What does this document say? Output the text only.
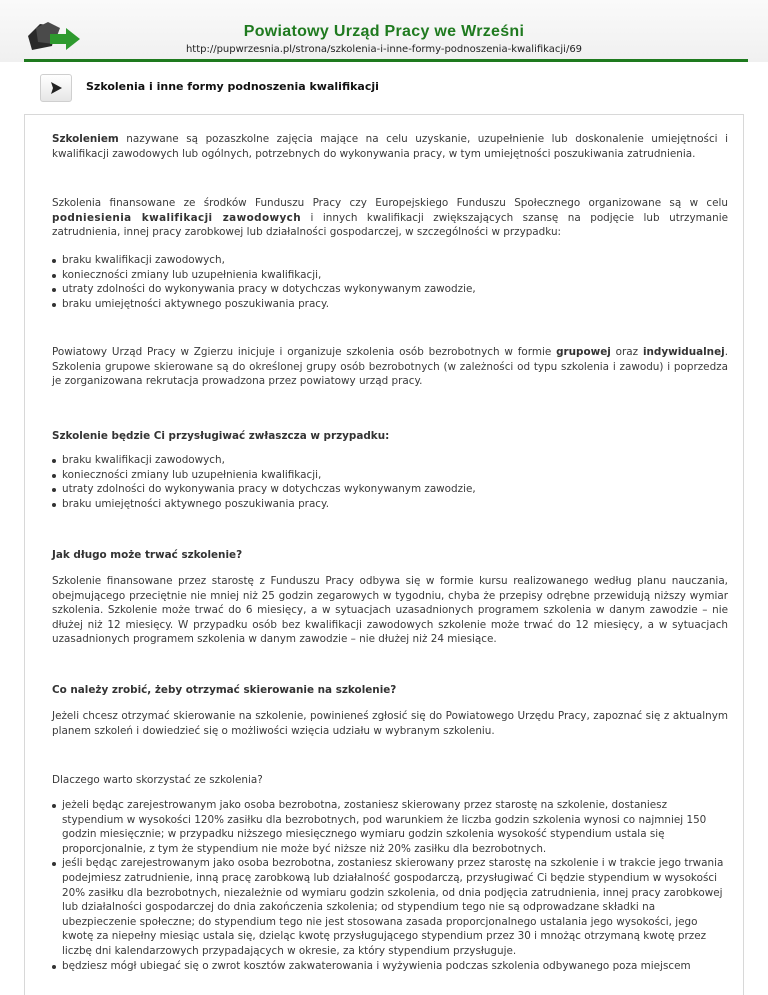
Powiatowy Urząd Pracy we Wrześni
http://pupwrzesnia.pl/strona/szkolenia-i-inne-formy-podnoszenia-kwalifikacji/69
Szkolenia i inne formy podnoszenia kwalifikacji

Szkoleniem nazywane są pozaszkolne zajęcia mające na celu uzyskanie, uzupełnienie lub doskonalenie umiejętności i kwalifikacji zawodowych lub ogólnych, potrzebnych do wykonywania pracy, w tym umiejętności poszukiwania zatrudnienia.

Szkolenia finansowane ze środków Funduszu Pracy czy Europejskiego Funduszu Społecznego organizowane są w celu podniesienia kwalifikacji zawodowych i innych kwalifikacji zwiększających szansę na podjęcie lub utrzymanie zatrudnienia, innej pracy zarobkowej lub działalności gospodarczej, w szczególności w przypadku:

braku kwalifikacji zawodowych,
konieczności zmiany lub uzupełnienia kwalifikacji,
utraty zdolności do wykonywania pracy w dotychczas wykonywanym zawodzie,
braku umiejętności aktywnego poszukiwania pracy.

Powiatowy Urząd Pracy w Zgierzu inicjuje i organizuje szkolenia osób bezrobotnych w formie grupowej oraz indywidualnej. Szkolenia grupowe skierowane są do określonej grupy osób bezrobotnych (w zależności od typu szkolenia i zawodu) i poprzedza je zorganizowana rekrutacja prowadzona przez powiatowy urząd pracy.

Szkolenie będzie Ci przysługiwać zwłaszcza w przypadku:
braku kwalifikacji zawodowych,
konieczności zmiany lub uzupełnienia kwalifikacji,
utraty zdolności do wykonywania pracy w dotychczas wykonywanym zawodzie,
braku umiejętności aktywnego poszukiwania pracy.
Jak długo może trwać szkolenie?

Szkolenie finansowane przez starostę z Funduszu Pracy odbywa się w formie kursu realizowanego według planu nauczania, obejmującego przeciętnie nie mniej niż 25 godzin zegarowych w tygodniu, chyba że przepisy odrębne przewidują niższy wymiar szkolenia. Szkolenie może trwać do 6 miesięcy, a w sytuacjach uzasadnionych programem szkolenia w danym zawodzie – nie dłużej niż 12 miesięcy. W przypadku osób bez kwalifikacji zawodowych szkolenie może trwać do 12 miesięcy, a w sytuacjach uzasadnionych programem szkolenia w danym zawodzie – nie dłużej niż 24 miesiące.

Co należy zrobić, żeby otrzymać skierowanie na szkolenie?

Jeżeli chcesz otrzymać skierowanie na szkolenie, powinieneś zgłosić się do Powiatowego Urzędu Pracy, zapoznać się z aktualnym planem szkoleń i dowiedzieć się o możliwości wzięcia udziału w wybranym szkoleniu.

Dlaczego warto skorzystać ze szkolenia?
jeżeli będąc zarejestrowanym jako osoba bezrobotna, zostaniesz skierowany przez starostę na szkolenie, dostaniesz stypendium w wysokości 120% zasiłku dla bezrobotnych, pod warunkiem że liczba godzin szkolenia wynosi co najmniej 150 godzin miesięcznie; w przypadku niższego miesięcznego wymiaru godzin szkolenia wysokość stypendium ustala się proporcjonalnie, z tym że stypendium nie może być niższe niż 20% zasiłku dla bezrobotnych.
jeśli będąc zarejestrowanym jako osoba bezrobotna, zostaniesz skierowany przez starostę na szkolenie i w trakcie jego trwania podejmiesz zatrudnienie, inną pracę zarobkową lub działalność gospodarczą, przysługiwać Ci będzie stypendium w wysokości 20% zasiłku dla bezrobotnych, niezależnie od wymiaru godzin szkolenia, od dnia podjęcia zatrudnienia, innej pracy zarobkowej lub działalności gospodarczej do dnia zakończenia szkolenia; od stypendium tego nie są odprowadzane składki na ubezpieczenie społeczne; do stypendium tego nie jest stosowana zasada proporcjonalnego ustalania jego wysokości, jego kwotę za niepełny miesiąc ustala się, dzieląc kwotę przysługującego stypendium przez 30 i mnożąc otrzymaną kwotę przez liczbę dni kalendarzowych przypadających w okresie, za który stypendium przysługuje.
będziesz mógł ubiegać się o zwrot kosztów zakwaterowania i wyżywienia podczas szkolenia odbywanego poza miejscem
